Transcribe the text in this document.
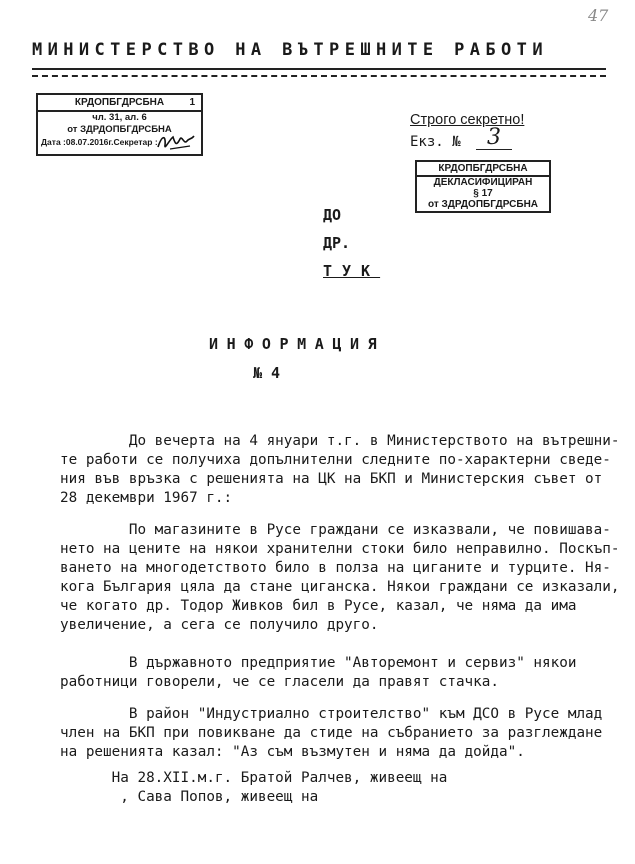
47
МИНИСТЕРСТВО НА ВЪТРЕШНИТЕ РАБОТИ
КРДОПБГДРСБНА	1
чл. 31, ал. 6
от ЗДРДОПБГДРСБНА
Дата :08.07.2016г.Секретар :
Строго секретно!
Екз. №	3
КРДОПБГДРСБНА
ДЕКЛАСИФИЦИРАН
§ 17
от ЗДРДОПБГДРСБНА
ДО
ДР.
ТУК
ИНФОРМАЦИЯ
№ 4
До вечерта на 4 януари т.г. в Министерството на вътрешни-
те работи се получиха допълнителни следните по-характерни сведе-
ния във връзка с решенията на ЦК на БКП и Министерския съвет от
28 декември 1967 г.:
По магазините в Русе граждани се изказвали, че повишава-
нето на цените на някои хранителни стоки било неправилно. Поскъп-
ването на многодетството било в полза на циганите и турците. Ня-
кога България цяла да стане циганска. Някои граждани се изказали,
че когато др. Тодор Живков бил в Русе, казал, че няма да има
увеличение, а сега се получило друго.
В държавното предприятие "Авторемонт и сервиз" някои
работници говорели, че се гласели да правят стачка.
В район "Индустриално строителство" към ДСО в Русе млад
член на БКП при повикване да стиде на събранието за разглеждане
на решенията казал: "Аз съм възмутен и няма да дойда".
На 28.XII.м.г. Братой Ралчев, живеещ на
, Сава Попов, живеещ на
